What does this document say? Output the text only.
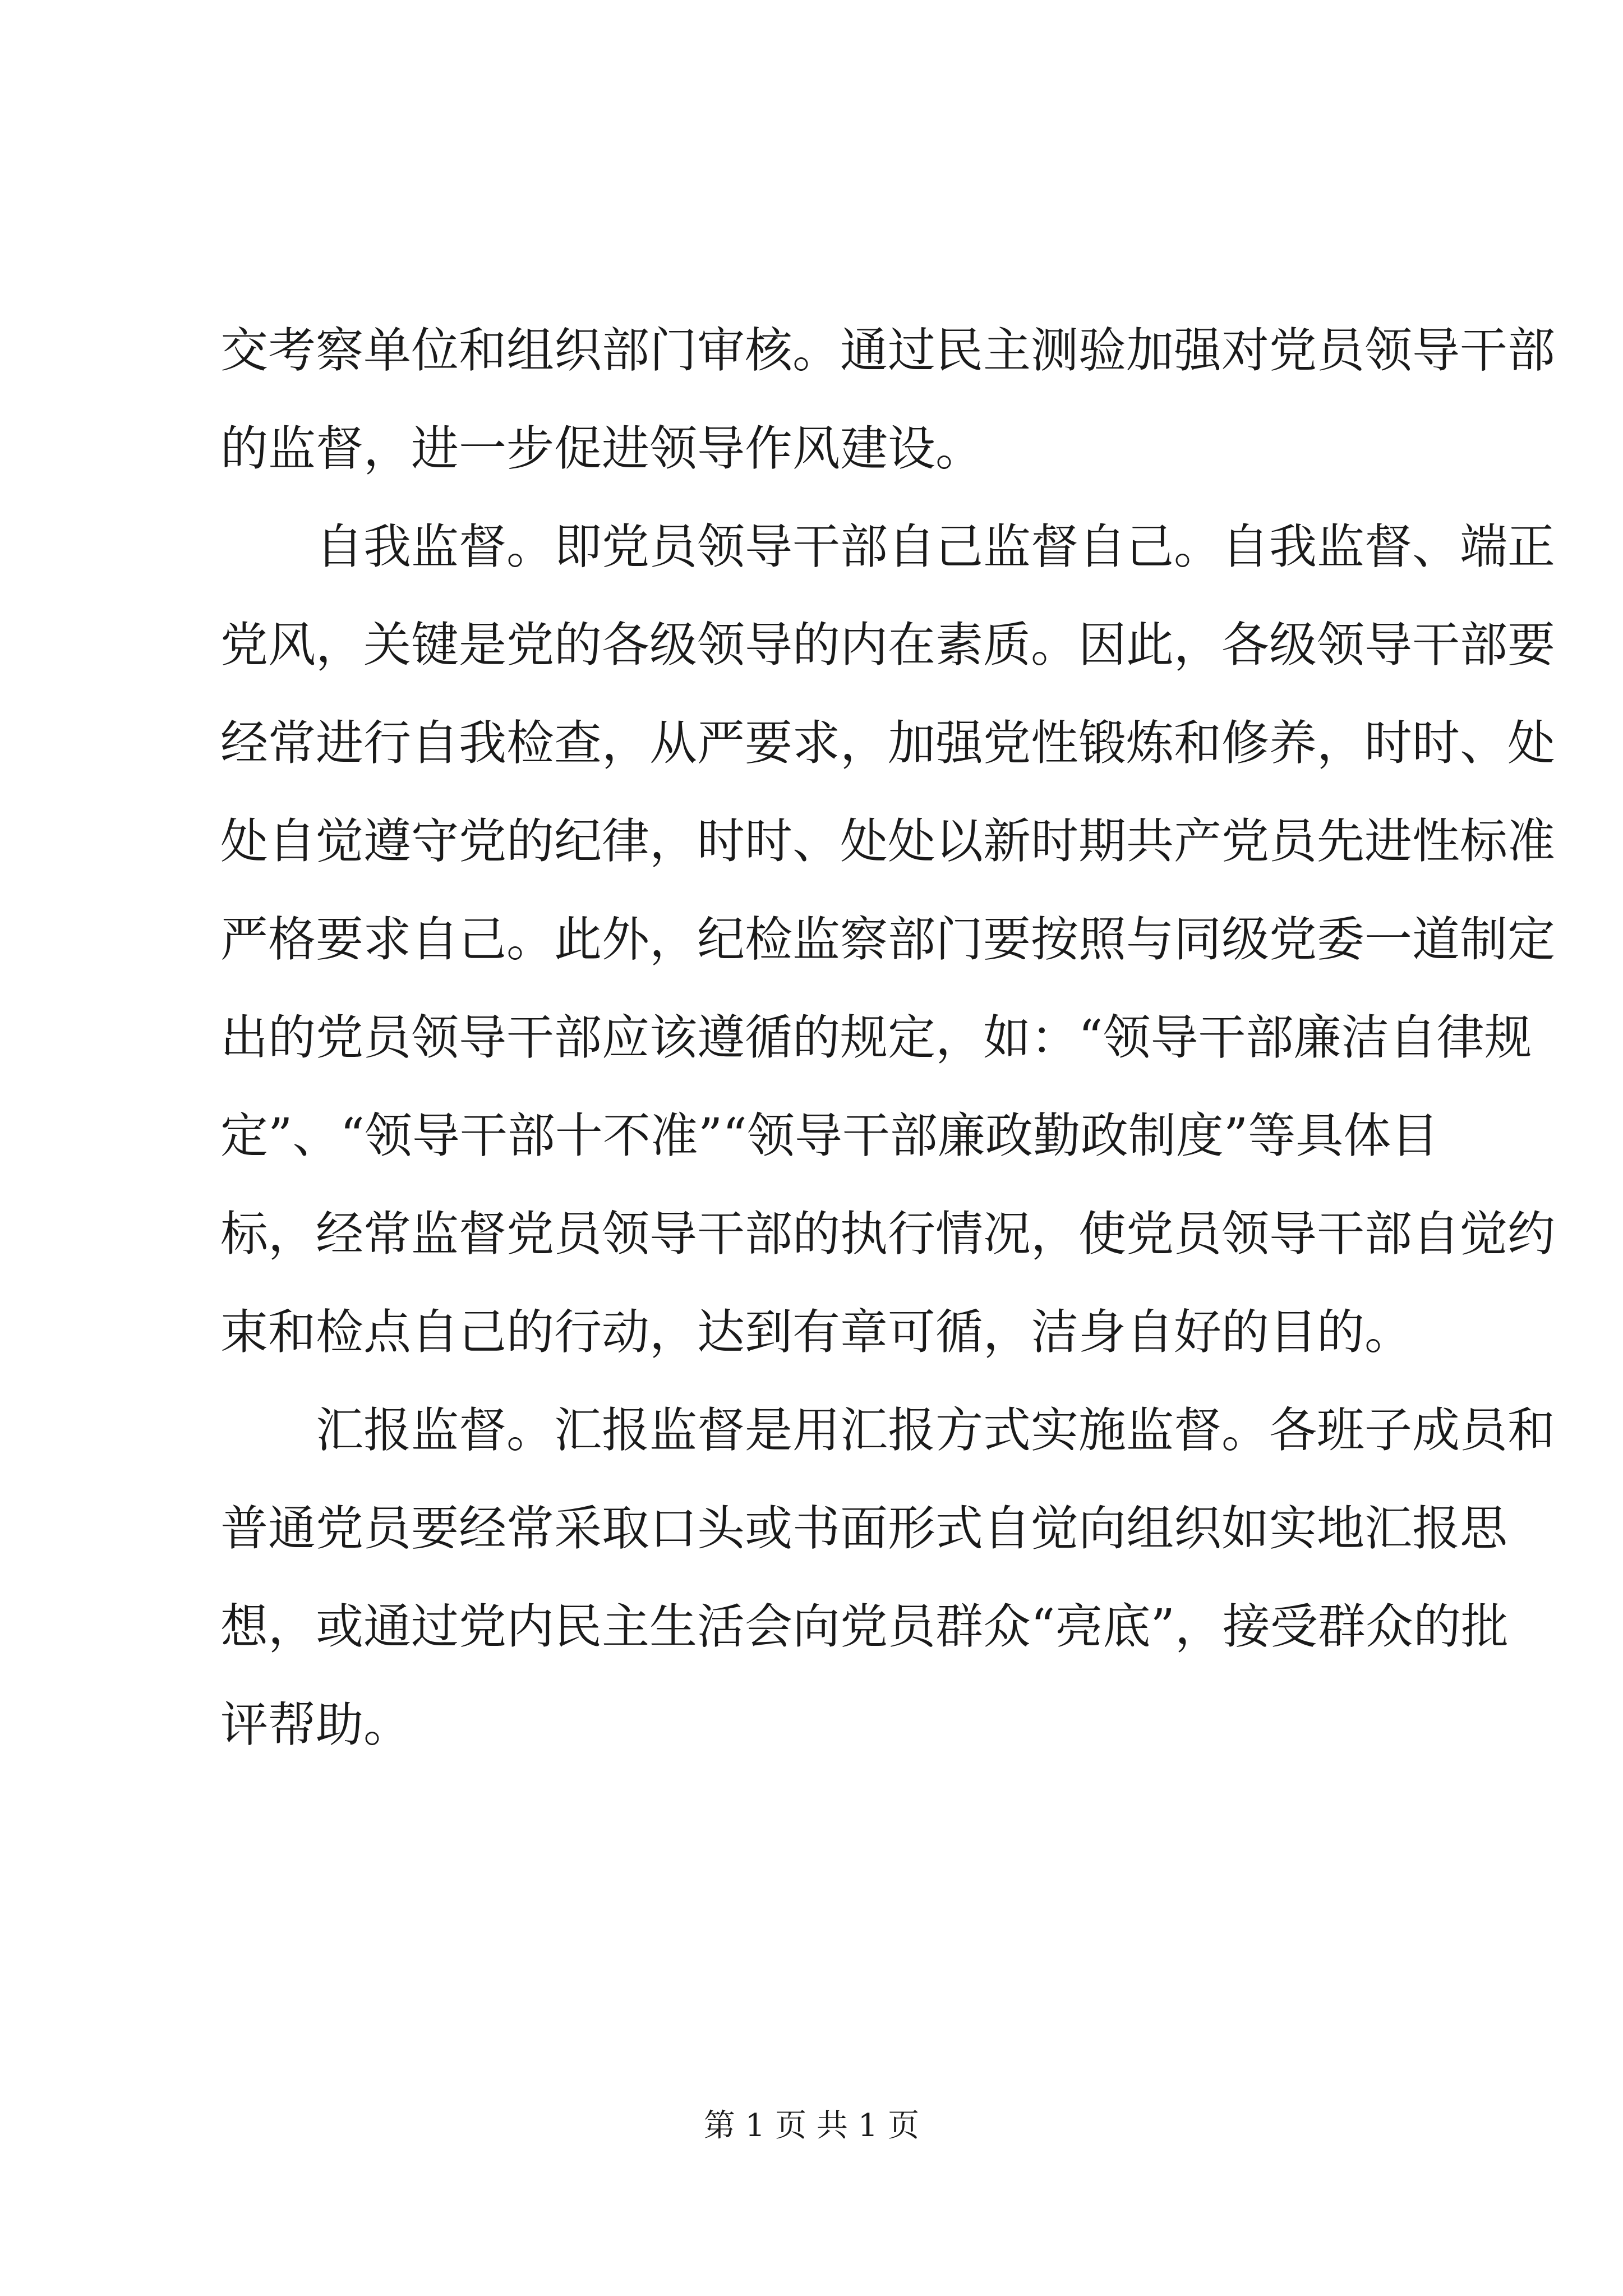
交考察单位和组织部门审核。通过民主测验加强对党员领导干部
的监督，进一步促进领导作风建设。
自我监督。即党员领导干部自己监督自己。自我监督、端正
党风，关键是党的各级领导的内在素质。因此，各级领导干部要
经常进行自我检查，从严要求，加强党性锻炼和修养，时时、处
处自觉遵守党的纪律，时时、处处以新时期共产党员先进性标准
严格要求自己。此外，纪检监察部门要按照与同级党委一道制定
出的党员领导干部应该遵循的规定，如：“领导干部廉洁自律规
定”、“领导干部十不准”“领导干部廉政勤政制度”等具体目
标，经常监督党员领导干部的执行情况，使党员领导干部自觉约
束和检点自己的行动，达到有章可循，洁身自好的目的。
汇报监督。汇报监督是用汇报方式实施监督。各班子成员和
普通党员要经常采取口头或书面形式自觉向组织如实地汇报思
想，或通过党内民主生活会向党员群众“亮底”，接受群众的批
评帮助。
第 1 页 共 1 页
